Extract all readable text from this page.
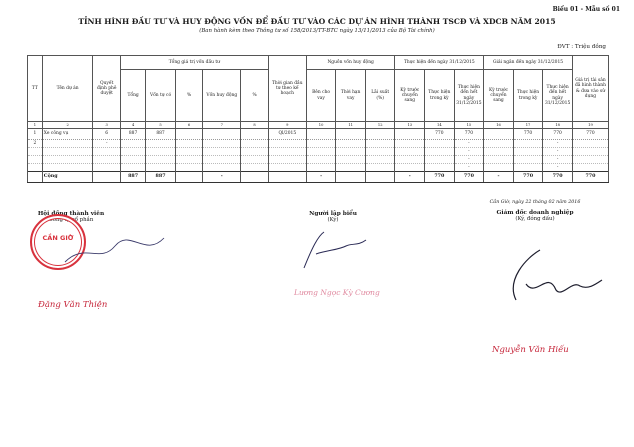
Biểu 01 - Mẫu số 01
TỈNH HÌNH ĐẦU TƯ VÀ HUY ĐỘNG VỐN ĐỂ ĐẦU TƯ VÀO CÁC DỰ ÁN HÌNH THÀNH TSCĐ VÀ XDCB NĂM 2015
(Ban hành kèm theo Thông tư số 158/2013/TT-BTC ngày 13/11/2013 của Bộ Tài chính)
ĐVT : Triệu đồng
TT	Tên dự án	Quyết định phê duyệt	Tổng giá trị vốn đầu tư					Thời gian đầu tư theo kế hoạch	Nguồn vốn huy động			Thực hiện đến ngày 31/12/2015			Giải ngân đến ngày 31/12/2015			Giá trị tài sản đã hình thành & đưa vào sử dụng
			Tổng	Vốn tự có	%	Vốn huy động	%		Bên cho vay	Thời hạn vay	Lãi suất (%)	Kỳ trước chuyển sang	Thực hiện trong kỳ	Thực hiện đến hết ngày 31/12/2015	Kỳ trước chuyển sang	Thực hiện trong kỳ	Thực hiện đến hết ngày 31/12/2015	
1	2	3	4	5	6	7	8	9	10	11	12	13	14	15	16	17	18	19
1	Xe công vụ	6	887	887				Ql/2015					770	770		770	770	770
2		-												-			-	
														-			-	
														-			-	
														-			-	
	Cộng		887	887		-			-			-	770	770	-	770	770	770
Hội đồng thành viên
Công ty cổ phần
CẦN GIỜ
Đặng Văn Thiện
Người lập biểu
(Ký)
Lương Ngọc Kỳ Cương
Cần Giờ, ngày 22 tháng 02 năm 2016
Giám đốc doanh nghiệp
(Ký, đóng dấu)
Nguyễn Văn Hiếu
